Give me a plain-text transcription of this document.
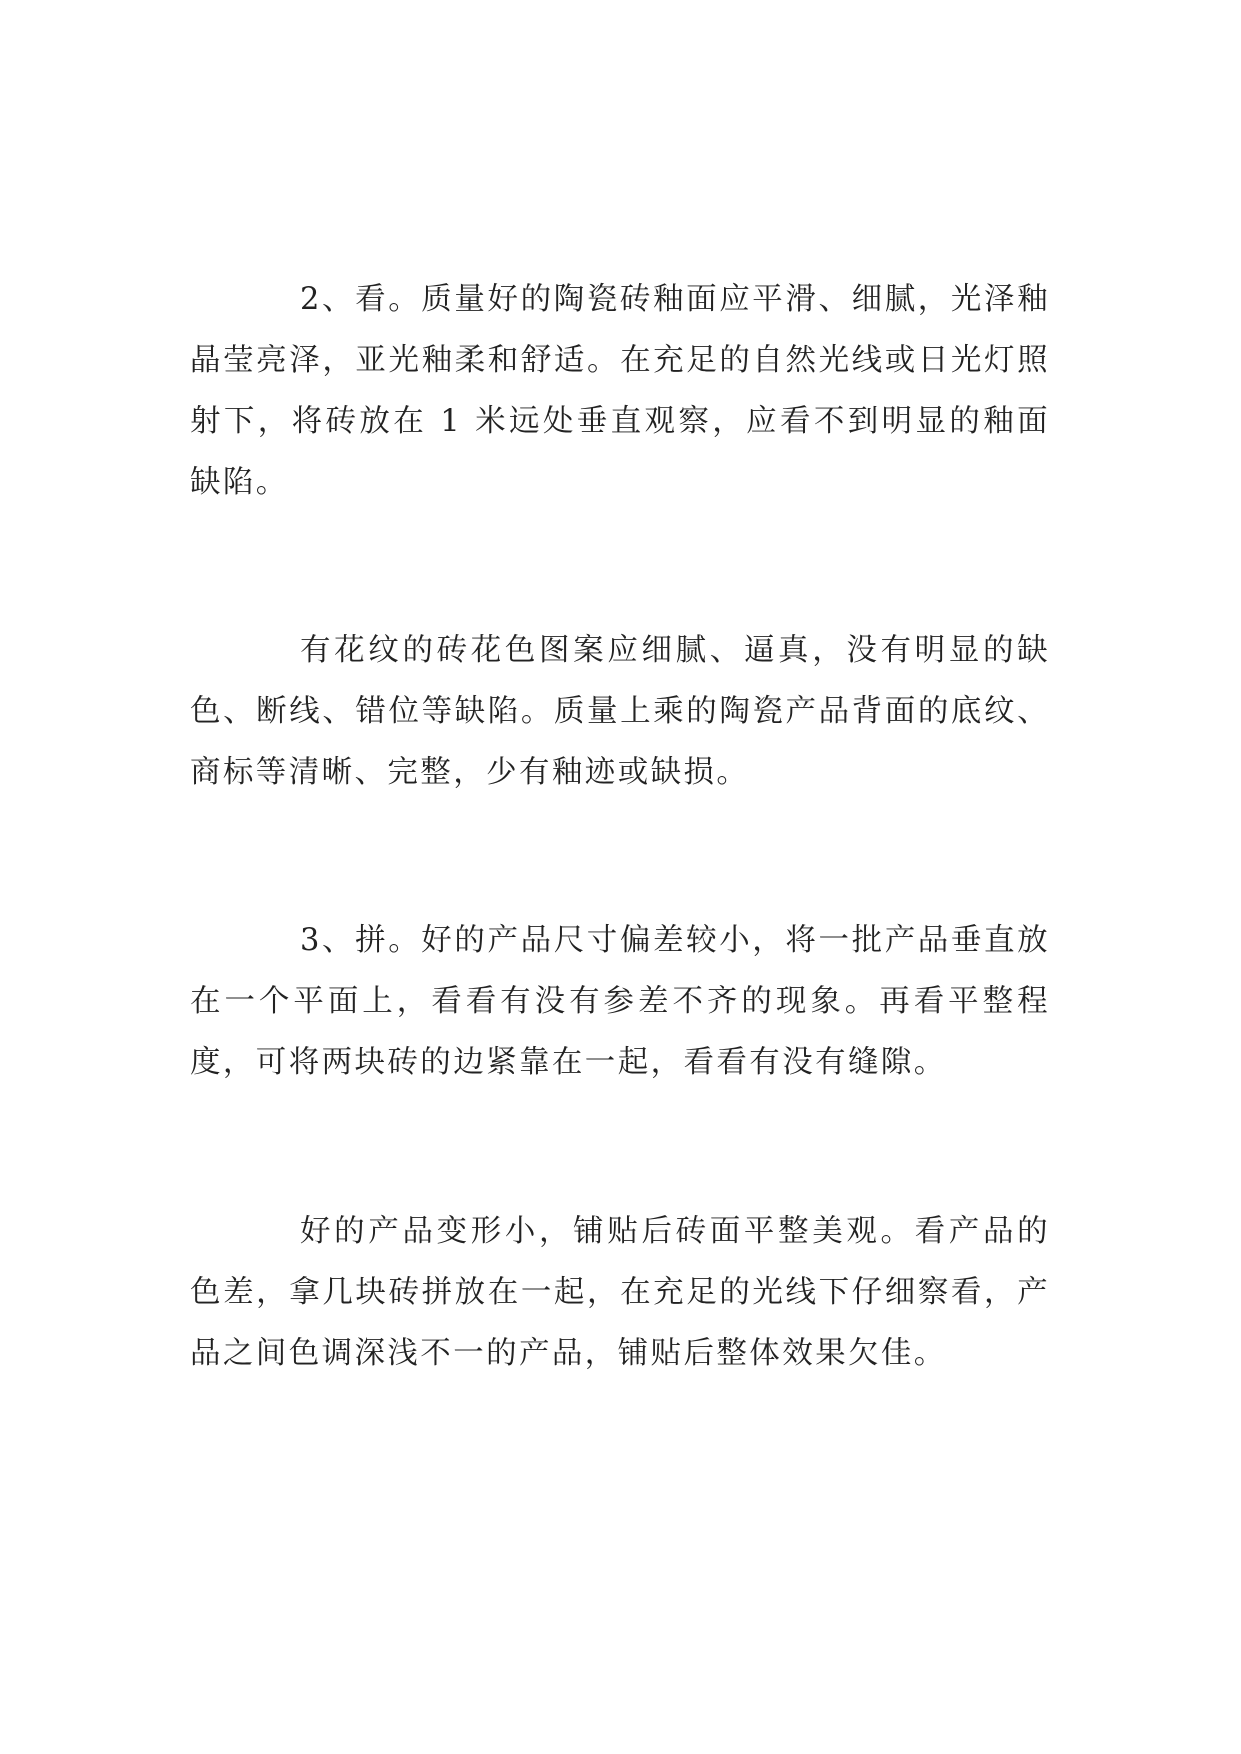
2、看。质量好的陶瓷砖釉面应平滑、细腻，光泽釉晶莹亮泽，亚光釉柔和舒适。在充足的自然光线或日光灯照射下，将砖放在 1 米远处垂直观察，应看不到明显的釉面缺陷。

有花纹的砖花色图案应细腻、逼真，没有明显的缺色、断线、错位等缺陷。质量上乘的陶瓷产品背面的底纹、商标等清晰、完整，少有釉迹或缺损。

3、拼。好的产品尺寸偏差较小，将一批产品垂直放在一个平面上，看看有没有参差不齐的现象。再看平整程度，可将两块砖的边紧靠在一起，看看有没有缝隙。

好的产品变形小，铺贴后砖面平整美观。看产品的色差，拿几块砖拼放在一起，在充足的光线下仔细察看，产品之间色调深浅不一的产品，铺贴后整体效果欠佳。
